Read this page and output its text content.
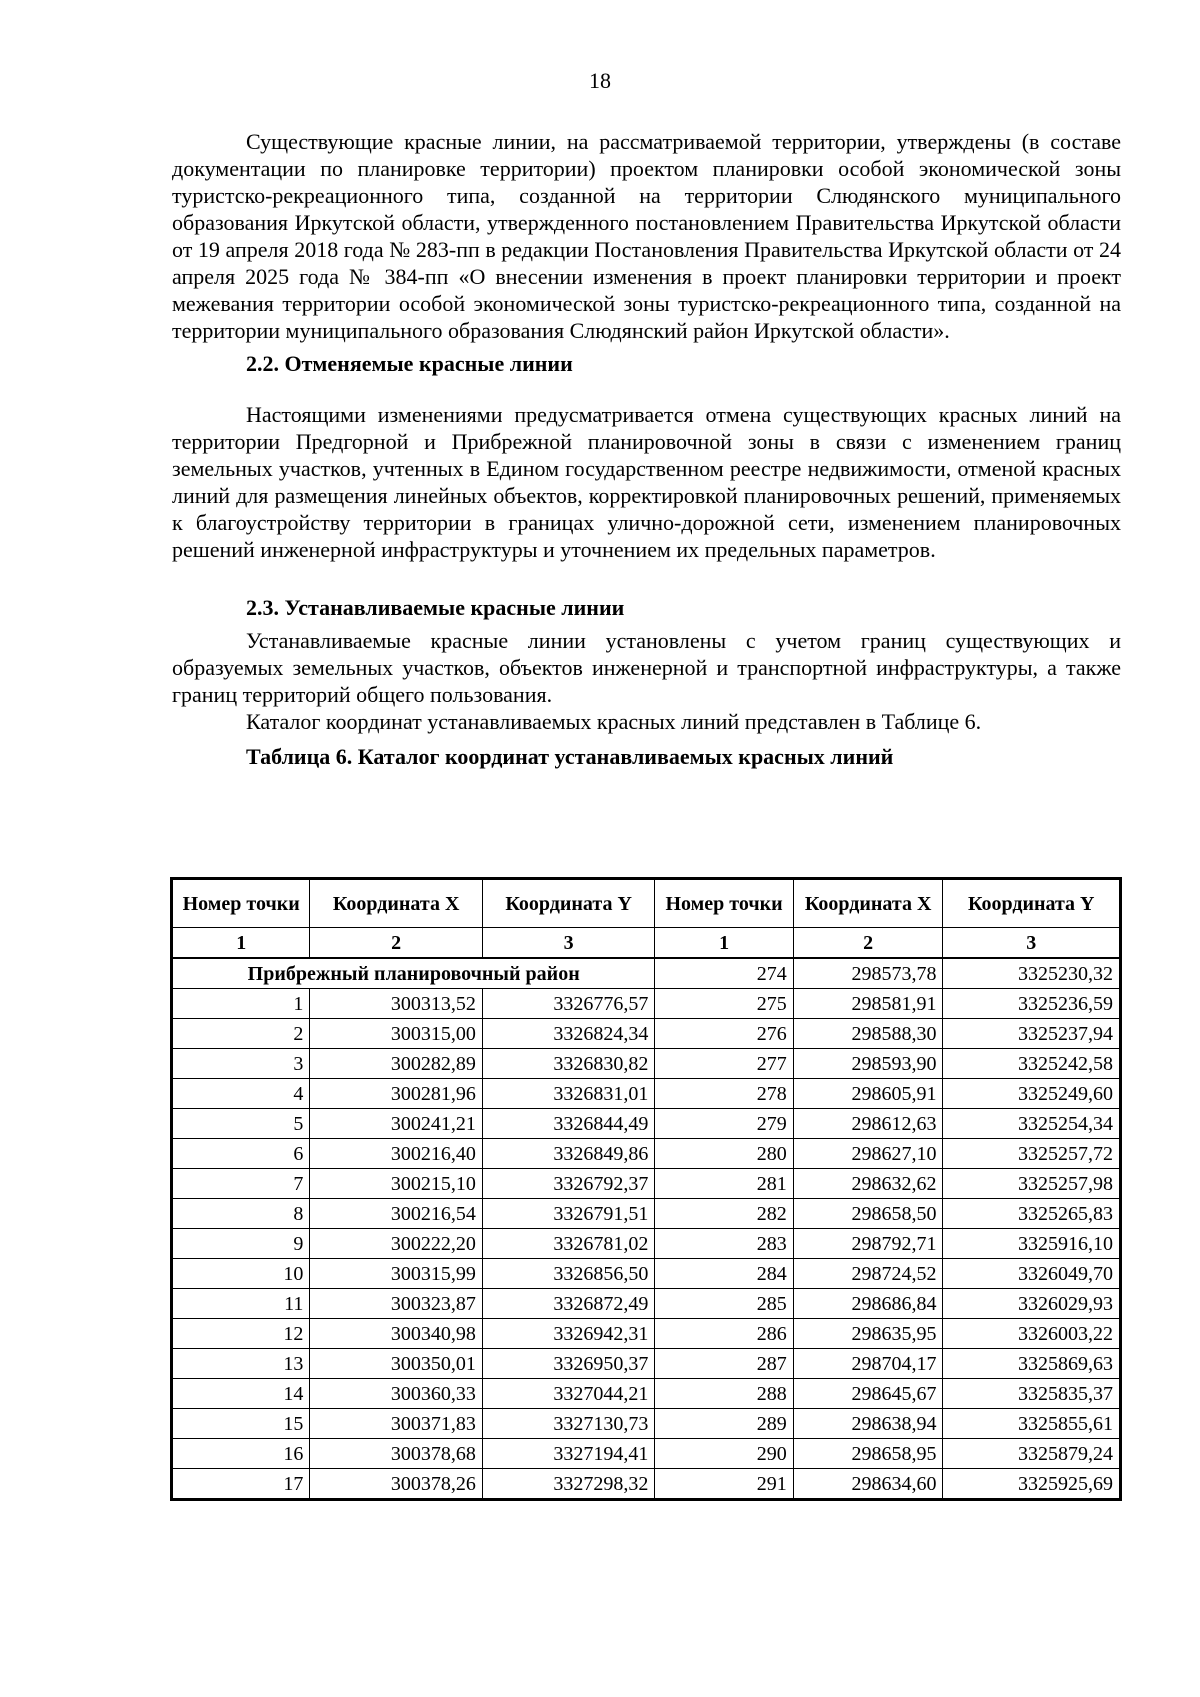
18

Существующие красные линии, на рассматриваемой территории, утверждены (в составе документации по планировке территории) проектом планировки особой экономической зоны туристско-рекреационного типа, созданной на территории Слюдянского муниципального образования Иркутской области, утвержденного постановлением Правительства Иркутской области от 19 апреля 2018 года № 283-пп в редакции Постановления Правительства Иркутской области от 24 апреля 2025 года № 384-пп «О внесении изменения в проект планировки территории и проект межевания территории особой экономической зоны туристско-рекреационного типа, созданной на территории муниципального образования Слюдянский район Иркутской области».

2.2. Отменяемые красные линии

Настоящими изменениями предусматривается отмена существующих красных линий на территории Предгорной и Прибрежной планировочной зоны в связи с изменением границ земельных участков, учтенных в Едином государственном реестре недвижимости, отменой красных линий для размещения линейных объектов, корректировкой планировочных решений, применяемых к благоустройству территории в границах улично-дорожной сети, изменением планировочных решений инженерной инфраструктуры и уточнением их предельных параметров.

2.3. Устанавливаемые красные линии

Устанавливаемые красные линии установлены с учетом границ существующих и образуемых земельных участков, объектов инженерной и транспортной инфраструктуры, а также границ территорий общего пользования.

Каталог координат устанавливаемых красных линий представлен в Таблице 6.

Таблица 6. Каталог координат устанавливаемых красных линий

Номер точки	Координата X	Координата Y	Номер точки	Координата X	Координата Y
1	2	3	1	2	3
Прибрежный планировочный район			274	298573,78	3325230,32
1	300313,52	3326776,57	275	298581,91	3325236,59
2	300315,00	3326824,34	276	298588,30	3325237,94
3	300282,89	3326830,82	277	298593,90	3325242,58
4	300281,96	3326831,01	278	298605,91	3325249,60
5	300241,21	3326844,49	279	298612,63	3325254,34
6	300216,40	3326849,86	280	298627,10	3325257,72
7	300215,10	3326792,37	281	298632,62	3325257,98
8	300216,54	3326791,51	282	298658,50	3325265,83
9	300222,20	3326781,02	283	298792,71	3325916,10
10	300315,99	3326856,50	284	298724,52	3326049,70
11	300323,87	3326872,49	285	298686,84	3326029,93
12	300340,98	3326942,31	286	298635,95	3326003,22
13	300350,01	3326950,37	287	298704,17	3325869,63
14	300360,33	3327044,21	288	298645,67	3325835,37
15	300371,83	3327130,73	289	298638,94	3325855,61
16	300378,68	3327194,41	290	298658,95	3325879,24
17	300378,26	3327298,32	291	298634,60	3325925,69
